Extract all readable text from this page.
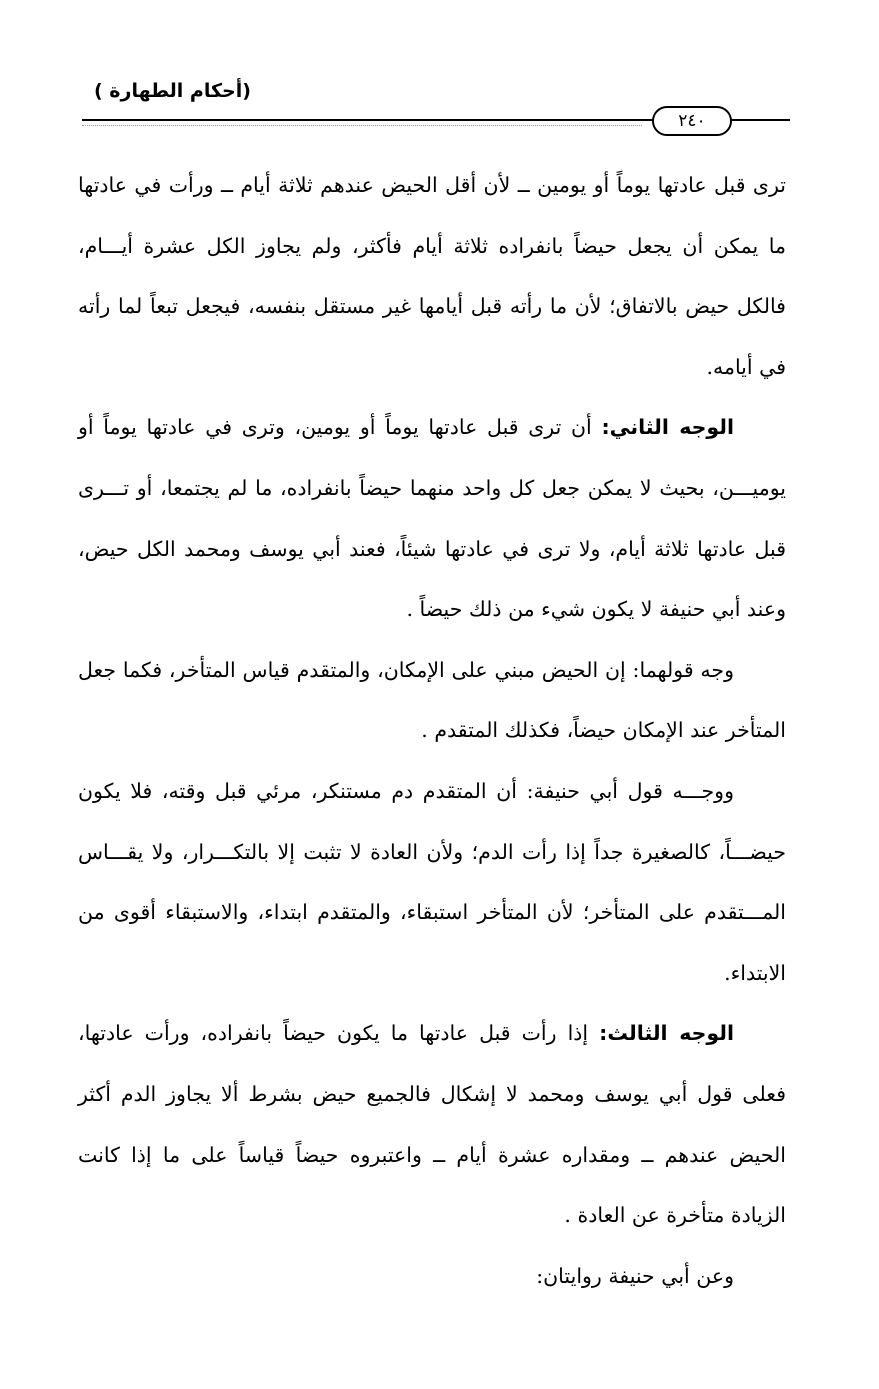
(أحكام الطهارة )
٢٤٠

ترى قبل عادتها يوماً أو يومين ــ لأن أقل الحيض عندهم ثلاثة أيام ــ ورأت في عادتها ما يمكن أن يجعل حيضاً بانفراده ثلاثة أيام فأكثر، ولم يجاوز الكل عشرة أيـــام، فالكل حيض بالاتفاق؛ لأن ما رأته قبل أيامها غير مستقل بنفسه، فيجعل تبعاً لما رأته في أيامه.

الوجه الثاني: أن ترى قبل عادتها يوماً أو يومين، وترى في عادتها يوماً أو يوميـــن، بحيث لا يمكن جعل كل واحد منهما حيضاً بانفراده، ما لم يجتمعا، أو تـــرى قبل عادتها ثلاثة أيام، ولا ترى في عادتها شيئاً، فعند أبي يوسف ومحمد الكل حيض، وعند أبي حنيفة لا يكون شيء من ذلك حيضاً .

وجه قولهما: إن الحيض مبني على الإمكان، والمتقدم قياس المتأخر، فكما جعل المتأخر عند الإمكان حيضاً، فكذلك المتقدم .

ووجـــه قول أبي حنيفة: أن المتقدم دم مستنكر، مرئي قبل وقته، فلا يكون حيضـــاً، كالصغيرة جداً إذا رأت الدم؛ ولأن العادة لا تثبت إلا بالتكـــرار، ولا يقـــاس المـــتقدم على المتأخر؛ لأن المتأخر استبقاء، والمتقدم ابتداء، والاستبقاء أقوى من الابتداء.

الوجه الثالث: إذا رأت قبل عادتها ما يكون حيضاً بانفراده، ورأت عادتها، فعلى قول أبي يوسف ومحمد لا إشكال فالجميع حيض بشرط ألا يجاوز الدم أكثر الحيض عندهم ــ ومقداره عشرة أيام ــ واعتبروه حيضاً قياساً على ما إذا كانت الزيادة متأخرة عن العادة .

وعن أبي حنيفة روايتان:
